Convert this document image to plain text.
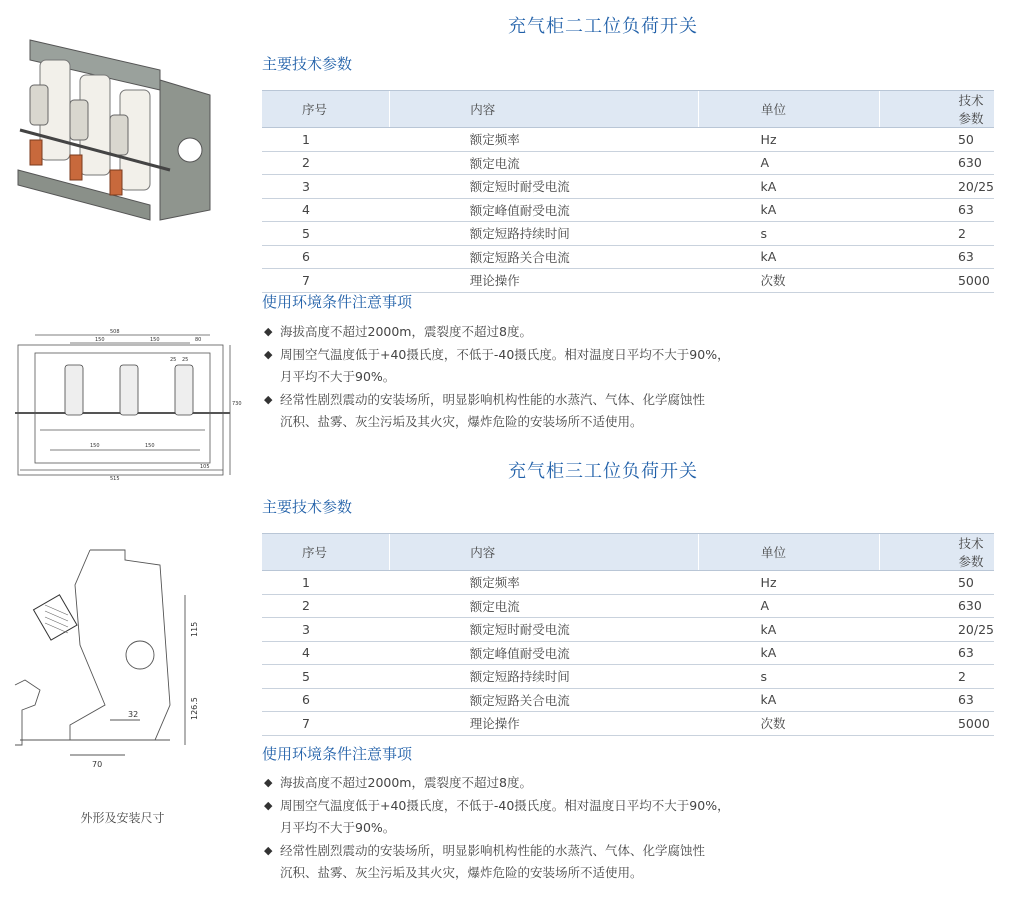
508
150	150	80
25 25
730
150	150
515
105
115
126.5
32
70
外形及安装尺寸
充气柜二工位负荷开关
主要技术参数
序号	内容	单位	技术参数
1	额定频率	Hz	50
2	额定电流	A	630
3	额定短时耐受电流	kA	20/25
4	额定峰值耐受电流	kA	63
5	额定短路持续时间	s	2
6	额定短路关合电流	kA	63
7	理论操作	次数	5000
使用环境条件注意事项
◆ 海拔高度不超过2000m，震裂度不超过8度。
◆ 周围空气温度低于+40摄氏度，不低于-40摄氏度。相对温度日平均不大于90%，
月平均不大于90%。
◆ 经常性剧烈震动的安装场所，明显影响机构性能的水蒸汽、气体、化学腐蚀性
沉积、盐雾、灰尘污垢及其火灾，爆炸危险的安装场所不适使用。
充气柜三工位负荷开关
主要技术参数
序号	内容	单位	技术参数
1	额定频率	Hz	50
2	额定电流	A	630
3	额定短时耐受电流	kA	20/25
4	额定峰值耐受电流	kA	63
5	额定短路持续时间	s	2
6	额定短路关合电流	kA	63
7	理论操作	次数	5000
使用环境条件注意事项
◆ 海拔高度不超过2000m，震裂度不超过8度。
◆ 周围空气温度低于+40摄氏度，不低于-40摄氏度。相对温度日平均不大于90%，
月平均不大于90%。
◆ 经常性剧烈震动的安装场所，明显影响机构性能的水蒸汽、气体、化学腐蚀性
沉积、盐雾、灰尘污垢及其火灾，爆炸危险的安装场所不适使用。
